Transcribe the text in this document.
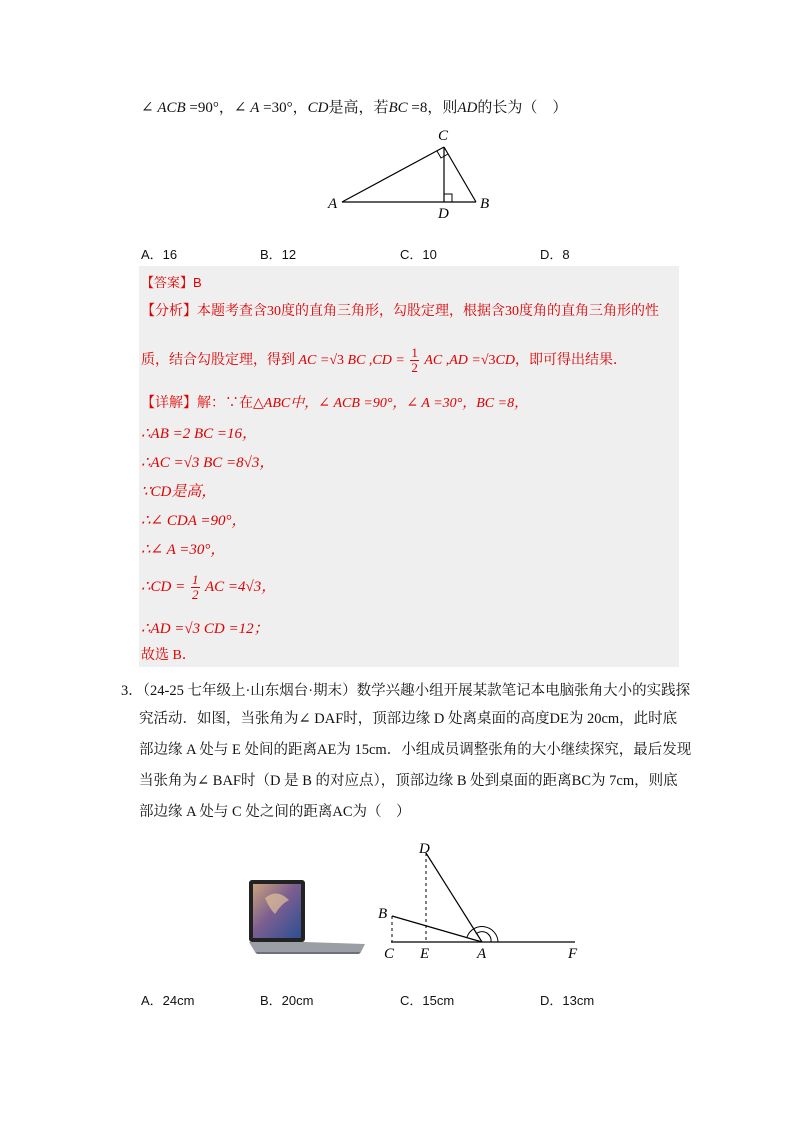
∠ ACB =90°，∠ A =30°，CD是高，若BC =8，则AD的长为（　）
A	B
C
D
A．16	B．12	C．10	D．8
【答案】B
【分析】本题考查含30度的直角三角形，勾股定理，根据含30度角的直角三角形的性
质，结合勾股定理，得到 AC =√3 BC $,CD = \frac{1}{2}$ AC ,AD =√3CD，即可得出结果．
【详解】解：∵在△ABC中，∠ ACB =90°，∠ A =30°，BC =8，
∴AB =2 BC =16，
∴AC =√3 BC =8√3，
∵CD是高，
∴∠ CDA =90°，
∴∠ A =30°，
∴CD = $\frac{1}{2}$ AC =4√3，
∴AD =√3 CD =12；
故选 B．
3．（24-25 七年级上·山东烟台·期末）数学兴趣小组开展某款笔记本电脑张角大小的实践探
究活动．如图，当张角为∠ DAF时，顶部边缘 D 处离桌面的高度DE为 20cm，此时底
部边缘 A 处与 E 处间的距离AE为 15cm．小组成员调整张角的大小继续探究，最后发现
当张角为∠ BAF时（D 是 B 的对应点），顶部边缘 B 处到桌面的距离BC为 7cm，则底
部边缘 A 处与 C 处之间的距离AC为（　）
D
B
C E	A	F
A．24cm	B．20cm	C．15cm	D．13cm
